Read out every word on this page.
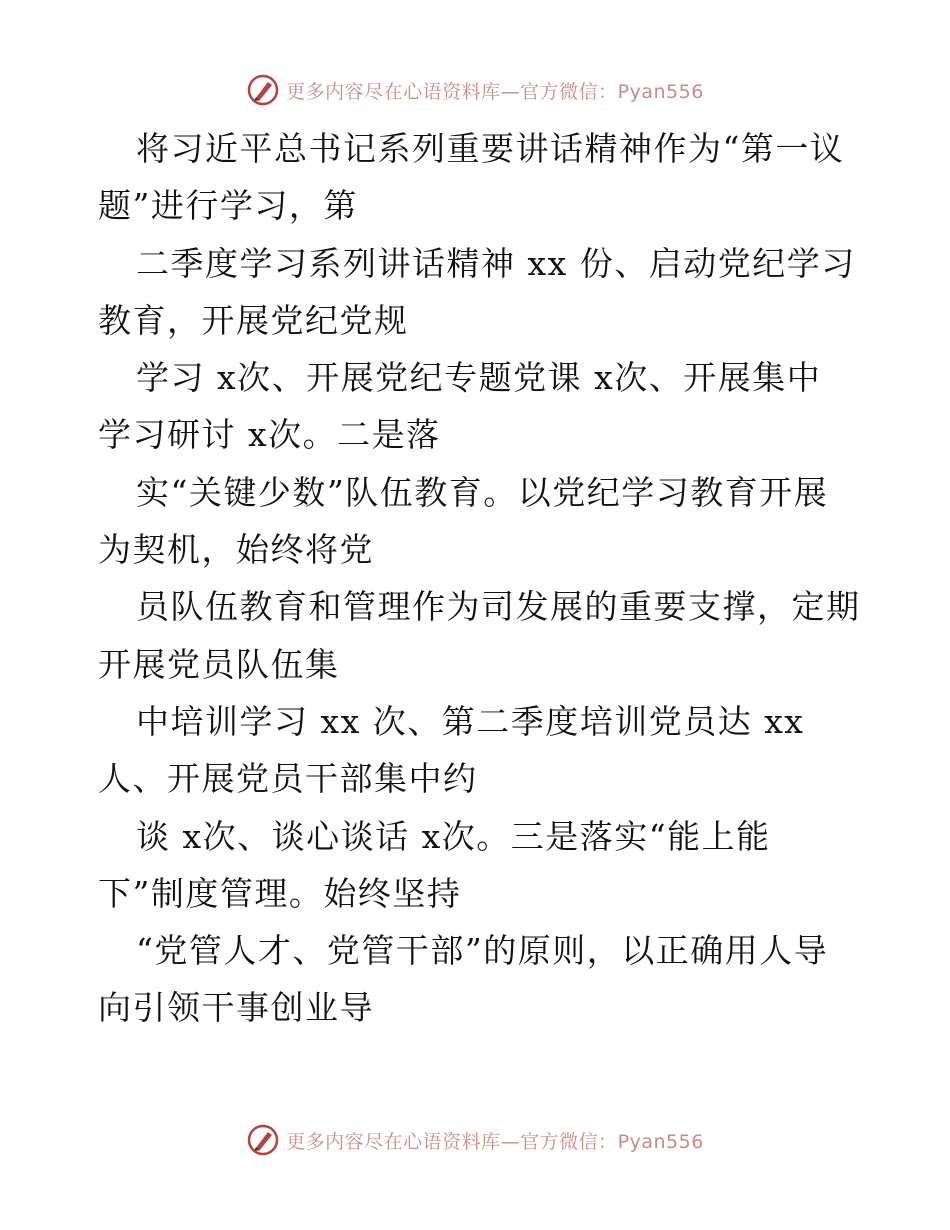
更多内容尽在心语资料库—官方微信：Pyan556
将习近平总书记系列重要讲话精神作为“第一议
题”进行学习，第
二季度学习系列讲话精神 xx 份、启动党纪学习
教育，开展党纪党规
学习 x次、开展党纪专题党课 x次、开展集中
学习研讨 x次。二是落
实“关键少数”队伍教育。以党纪学习教育开展
为契机，始终将党
员队伍教育和管理作为司发展的重要支撑，定期
开展党员队伍集
中培训学习 xx 次、第二季度培训党员达 xx
人、开展党员干部集中约
谈 x次、谈心谈话 x次。三是落实“能上能
下”制度管理。始终坚持
“党管人才、党管干部”的原则，以正确用人导
向引领干事创业导
更多内容尽在心语资料库—官方微信：Pyan556
